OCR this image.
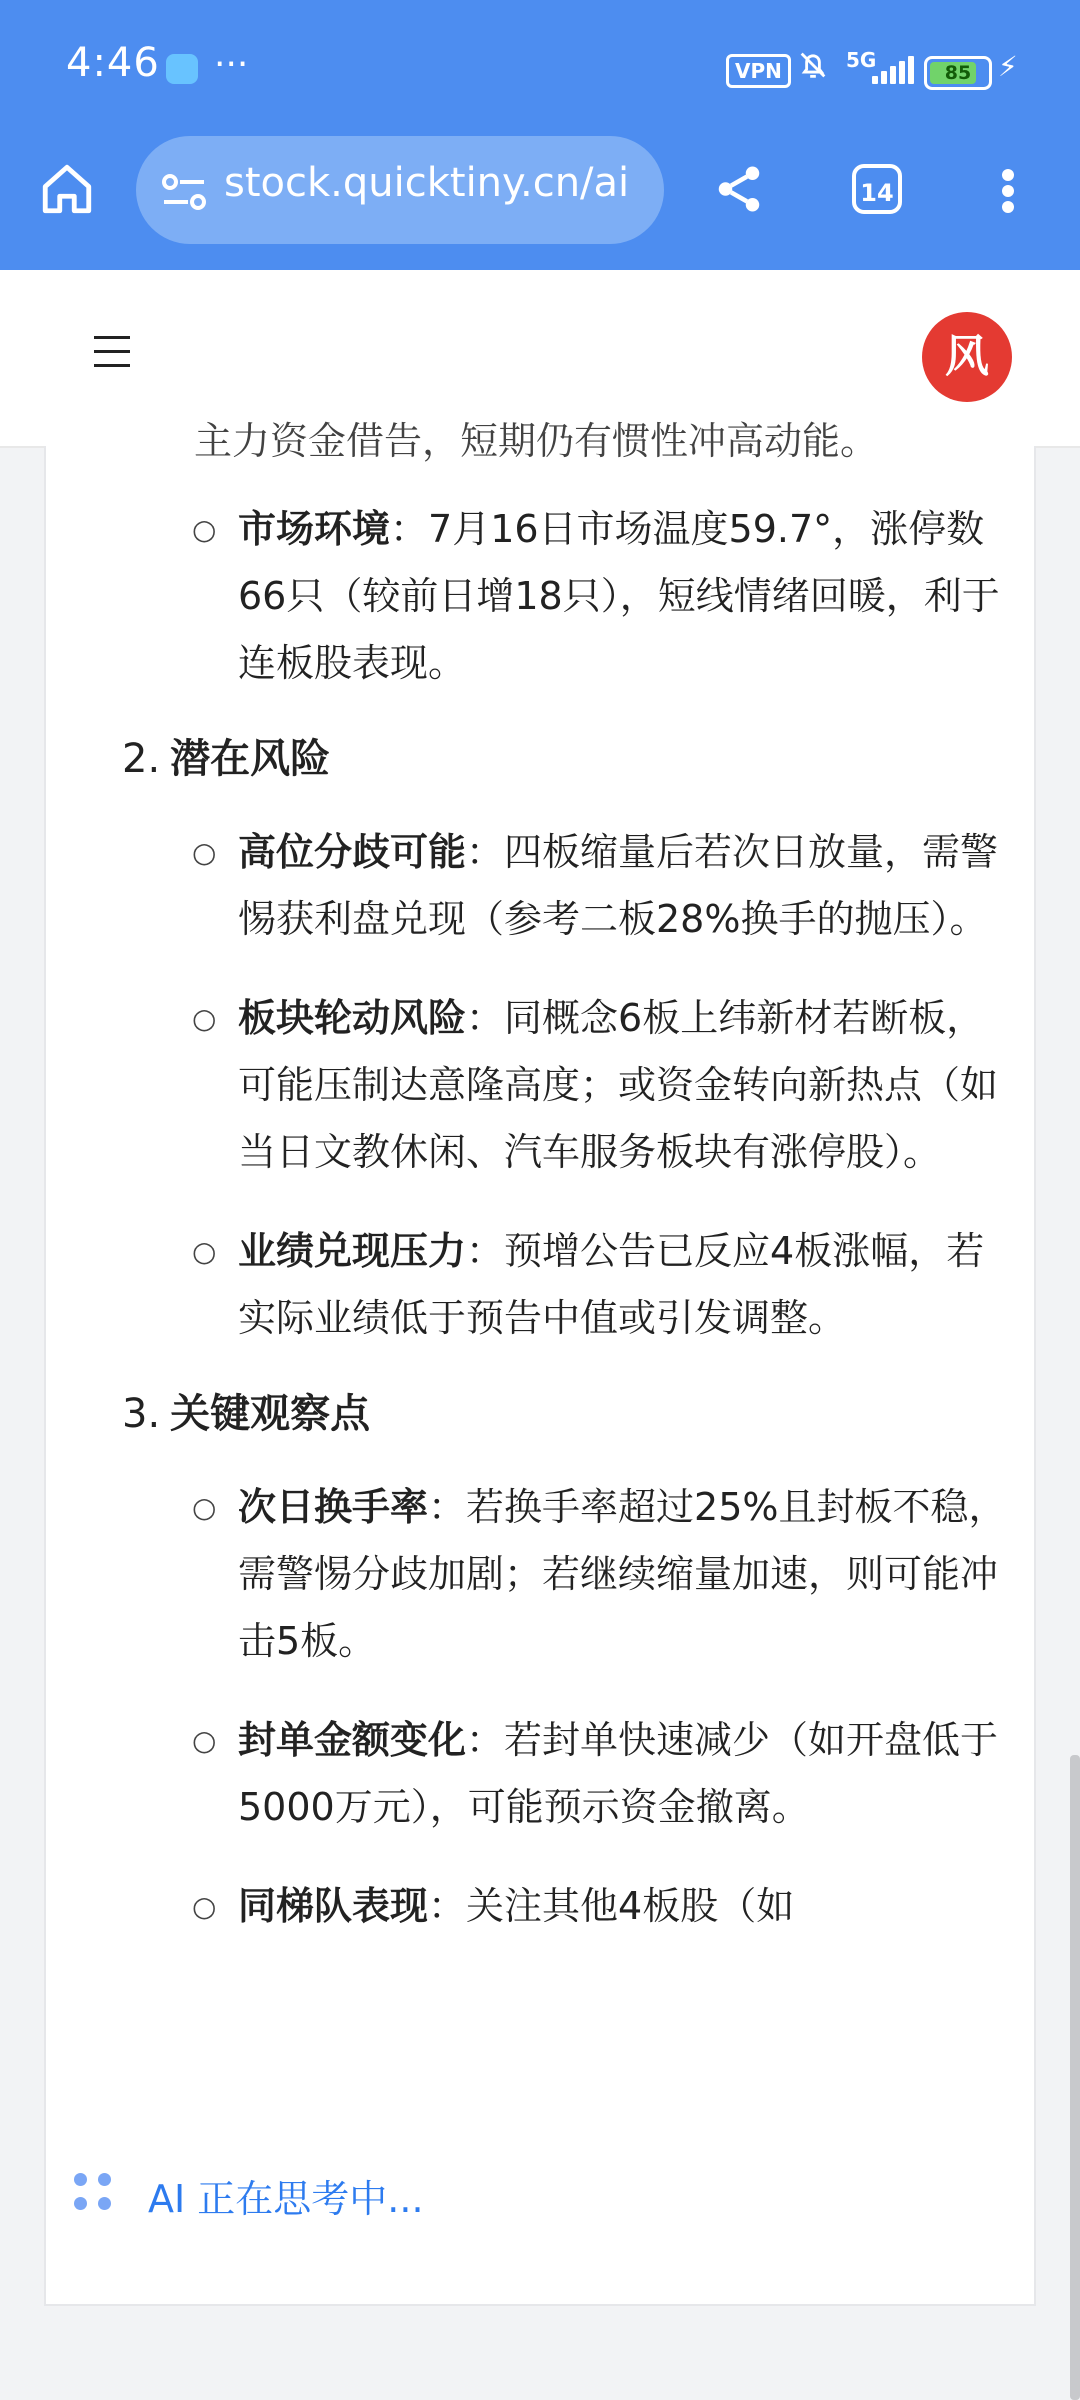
4:46 ···	VPN	5G
85 ⚡
stock.quicktiny.cn/ai	14
风
主力资金借告，短期仍有惯性冲高动能。
○ 市场环境：7月16日市场温度59.7°，涨停数66只（较前日增18只），短线情绪回暖，利于连板股表现。
2. 潜在风险
○ 高位分歧可能：四板缩量后若次日放量，需警惕获利盘兑现（参考二板28%换手的抛压）。
○ 板块轮动风险：同概念6板上纬新材若断板，可能压制达意隆高度；或资金转向新热点（如当日文教休闲、汽车服务板块有涨停股）。
○ 业绩兑现压力：预增公告已反应4板涨幅，若实际业绩低于预告中值或引发调整。
3. 关键观察点
○ 次日换手率：若换手率超过25%且封板不稳，需警惕分歧加剧；若继续缩量加速，则可能冲击5板。
○ 封单金额变化：若封单快速减少（如开盘低于5000万元），可能预示资金撤离。
○ 同梯队表现：关注其他4板股（如
AI 正在思考中...
